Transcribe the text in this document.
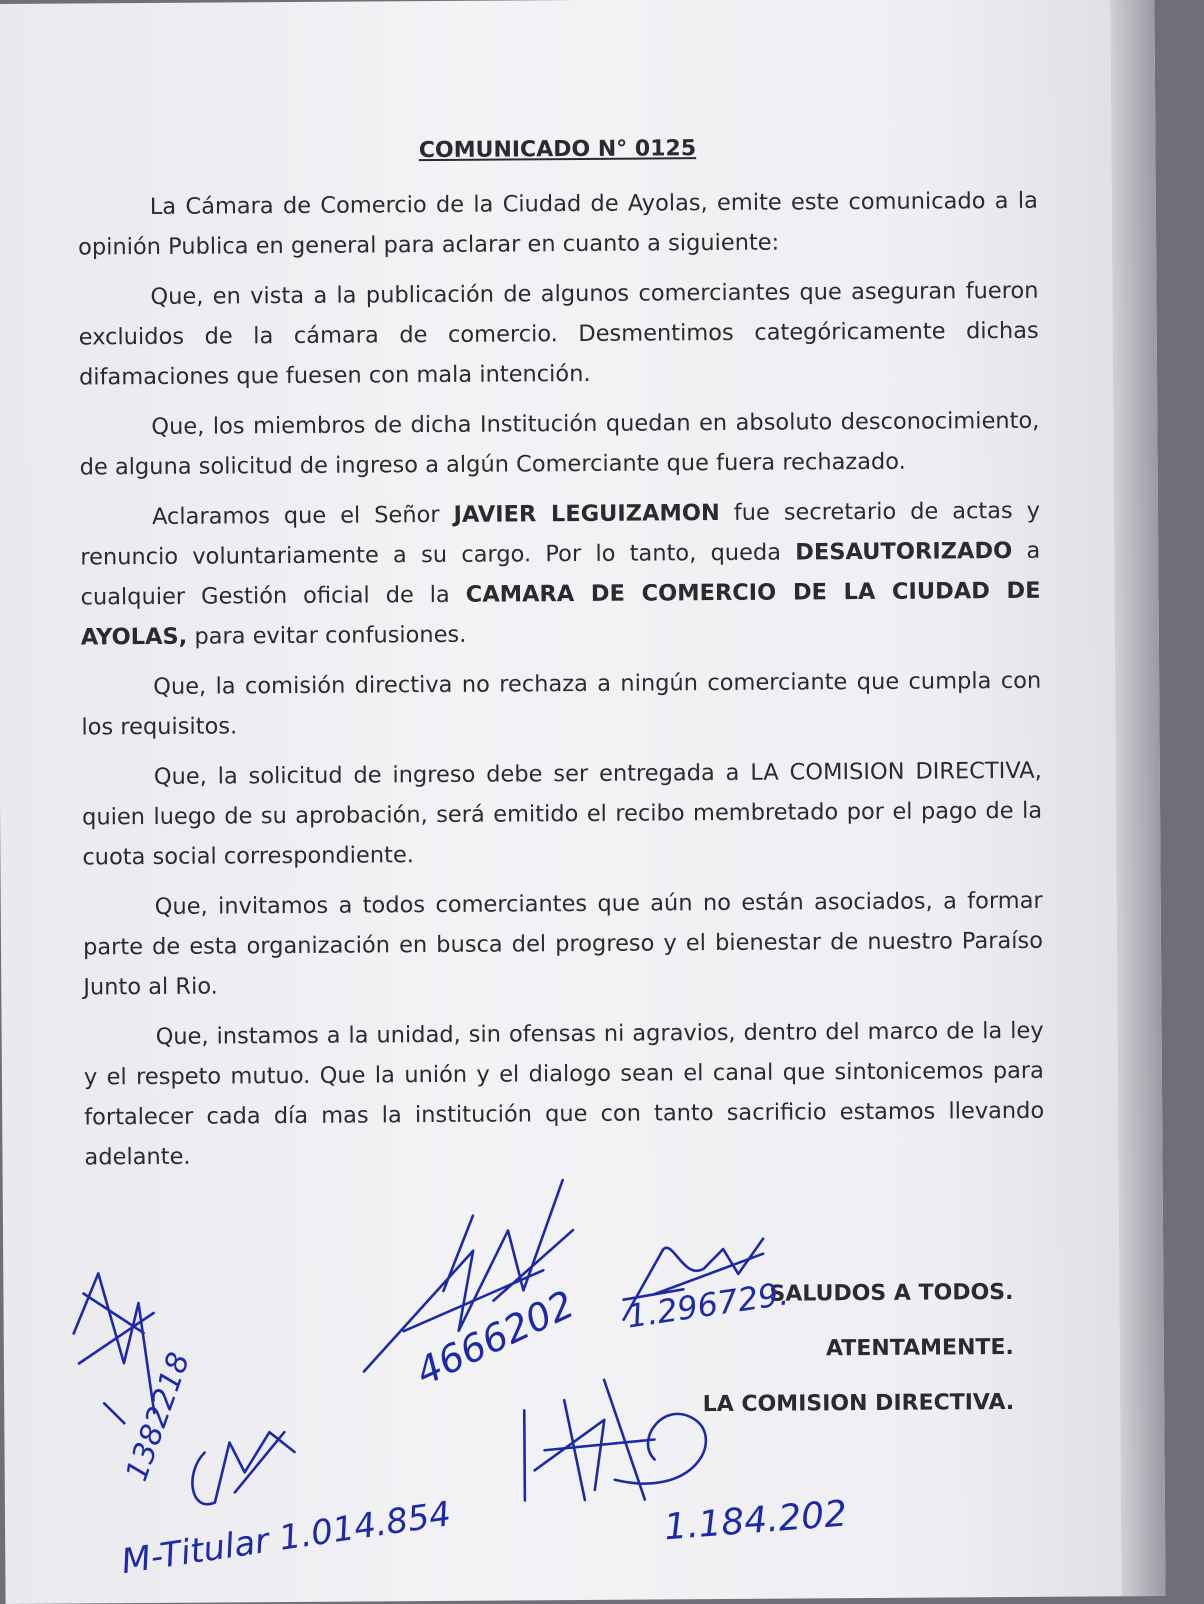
COMUNICADO N° 0125
La Cámara de Comercio de la Ciudad de Ayolas, emite este comunicado a la opinión Publica en general para aclarar en cuanto a siguiente:
Que, en vista a la publicación de algunos comerciantes que aseguran fueron excluidos de la cámara de comercio. Desmentimos categóricamente dichas difamaciones que fuesen con mala intención.
Que, los miembros de dicha Institución quedan en absoluto desconocimiento, de alguna solicitud de ingreso a algún Comerciante que fuera rechazado.
Aclaramos que el Señor JAVIER LEGUIZAMON fue secretario de actas y renuncio voluntariamente a su cargo. Por lo tanto, queda DESAUTORIZADO a cualquier Gestión oficial de la CAMARA DE COMERCIO DE LA CIUDAD DE AYOLAS, para evitar confusiones.
Que, la comisión directiva no rechaza a ningún comerciante que cumpla con los requisitos.
Que, la solicitud de ingreso debe ser entregada a LA COMISION DIRECTIVA, quien luego de su aprobación, será emitido el recibo membretado por el pago de la cuota social correspondiente.
Que, invitamos a todos comerciantes que aún no están asociados, a formar parte de esta organización en busca del progreso y el bienestar de nuestro Paraíso Junto al Rio.
Que, instamos a la unidad, sin ofensas ni agravios, dentro del marco de la ley y el respeto mutuo. Que la unión y el dialogo sean el canal que sintonicemos para fortalecer cada día mas la institución que con tanto sacrificio estamos llevando adelante.
SALUDOS A TODOS.
ATENTAMENTE.
LA COMISION DIRECTIVA.
4666202 1.296729.
1382218
M-Titular 1.014.854	1.184.202
